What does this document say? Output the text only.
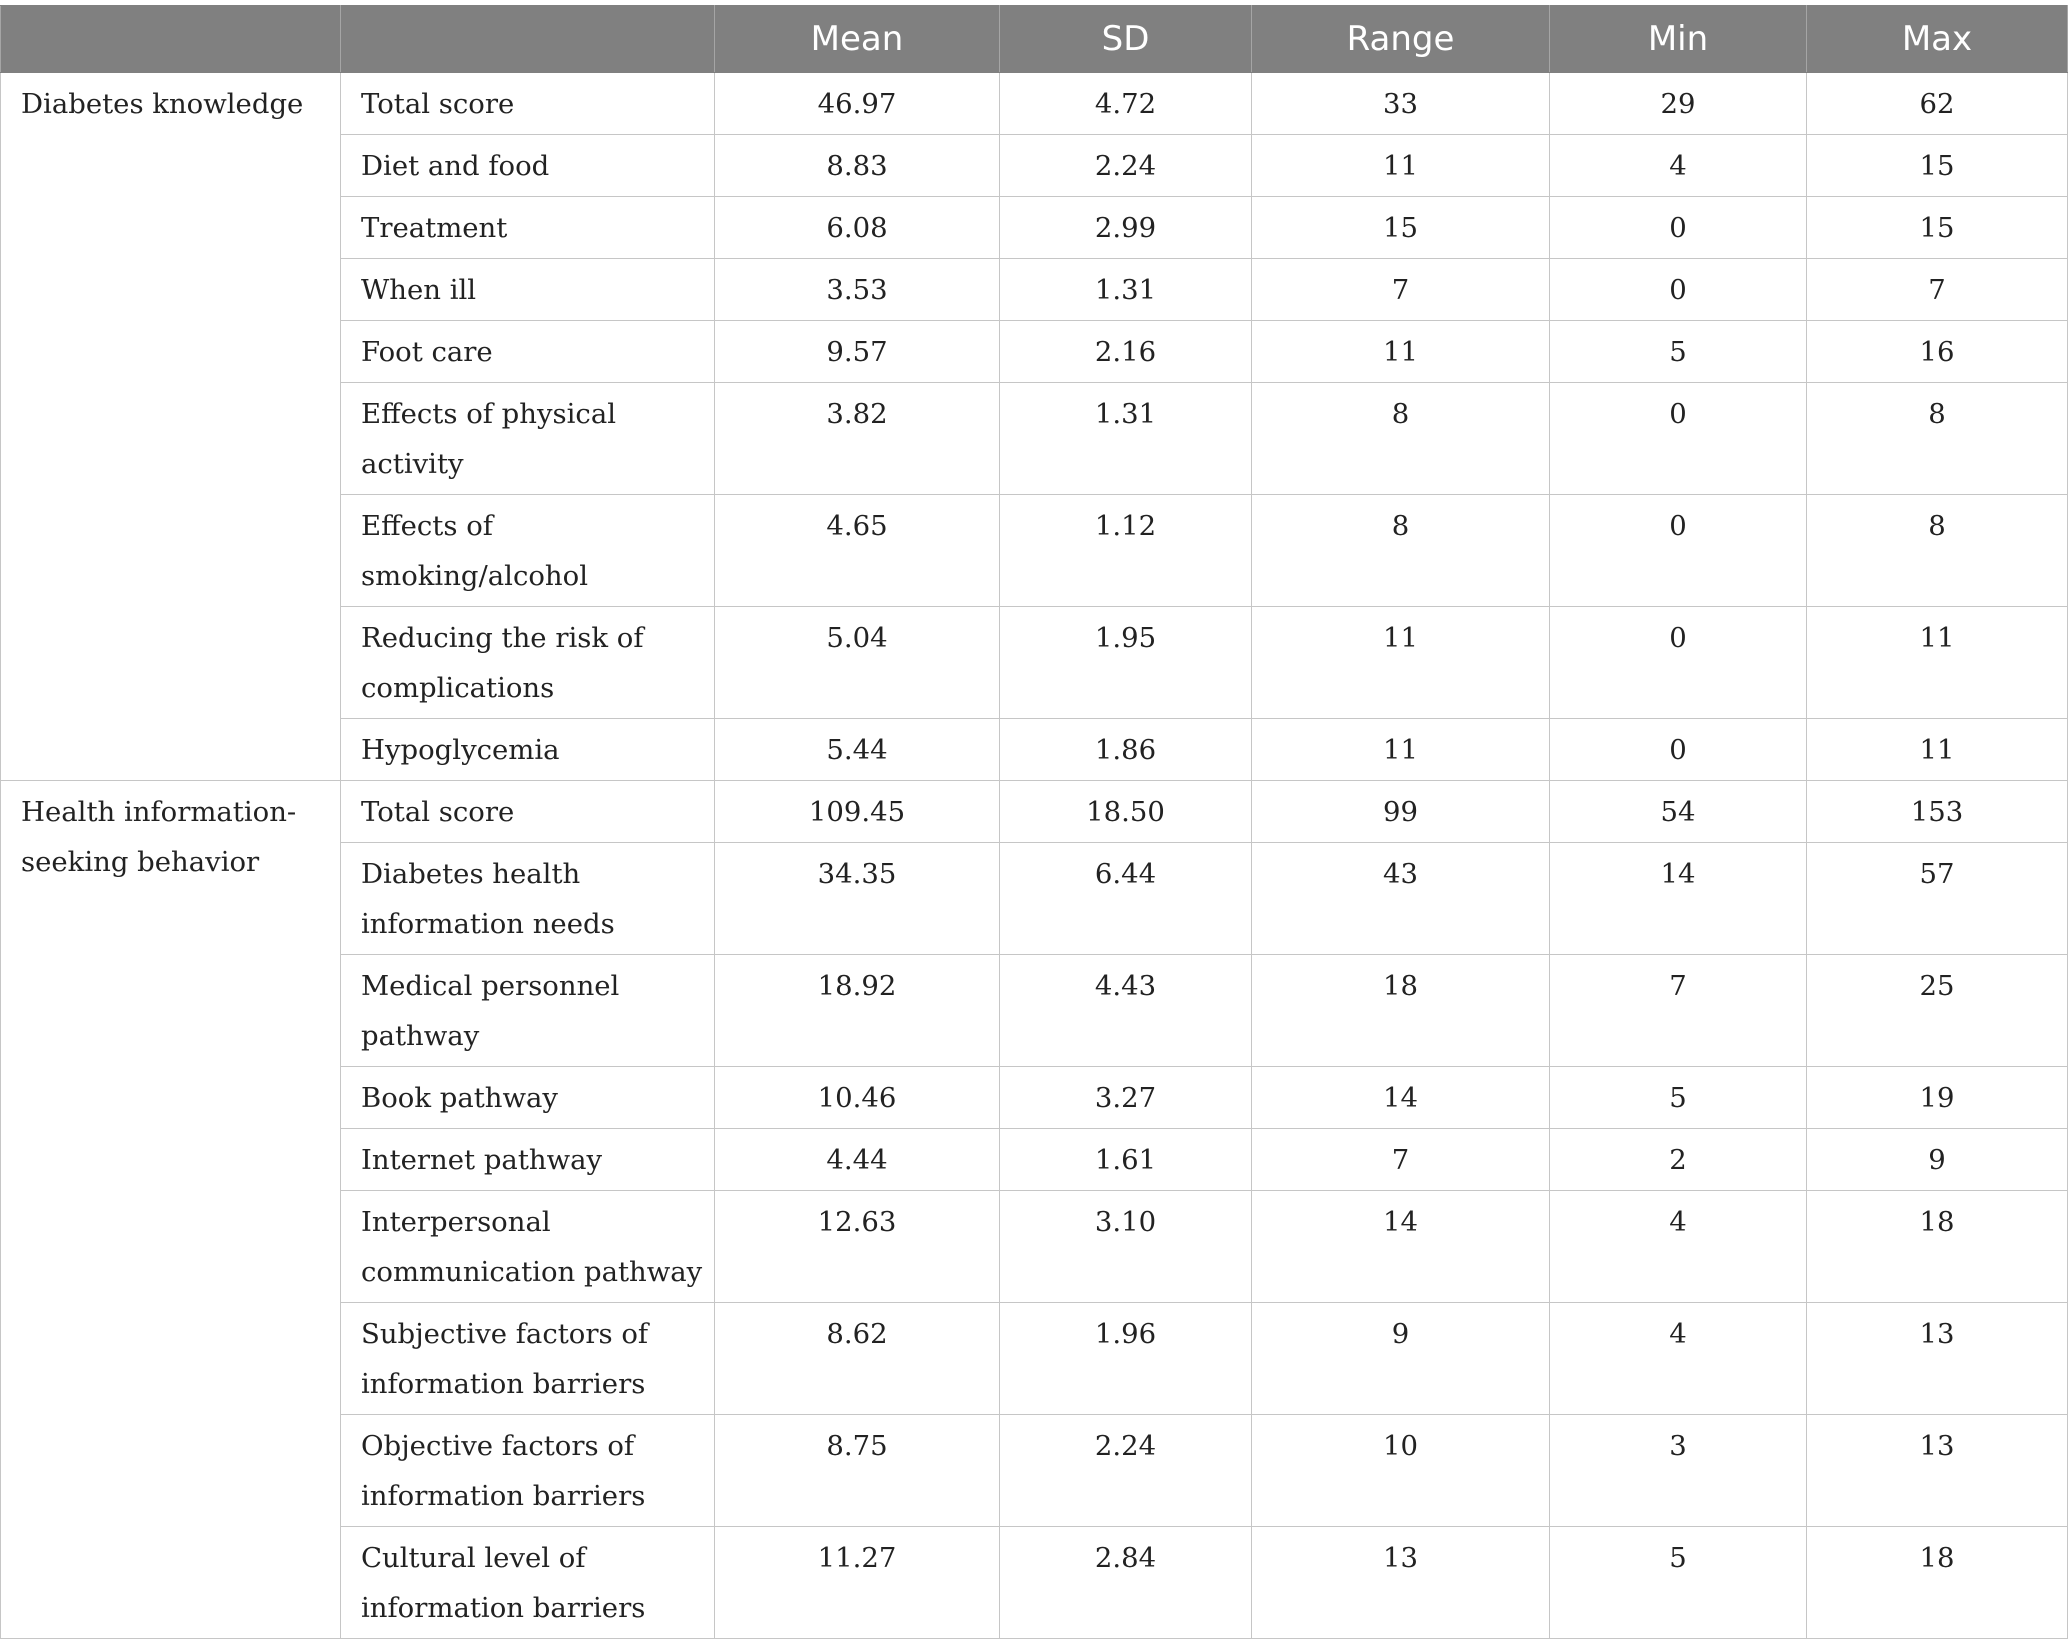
		Mean	SD	Range	Min	Max
Diabetes knowledge	Total score	46.97	4.72	33	29	62
	Diet and food	8.83	2.24	11	4	15
	Treatment	6.08	2.99	15	0	15
	When ill	3.53	1.31	7	0	7
	Foot care	9.57	2.16	11	5	16
	Effects of physical activity	3.82	1.31	8	0	8
	Effects of smoking/alcohol	4.65	1.12	8	0	8
	Reducing the risk of complications	5.04	1.95	11	0	11
	Hypoglycemia	5.44	1.86	11	0	11
Health information-seeking behavior	Total score	109.45	18.50	99	54	153
	Diabetes health information needs	34.35	6.44	43	14	57
	Medical personnel pathway	18.92	4.43	18	7	25
	Book pathway	10.46	3.27	14	5	19
	Internet pathway	4.44	1.61	7	2	9
	Interpersonal communication pathway	12.63	3.10	14	4	18
	Subjective factors of information barriers	8.62	1.96	9	4	13
	Objective factors of information barriers	8.75	2.24	10	3	13
	Cultural level of information barriers	11.27	2.84	13	5	18
